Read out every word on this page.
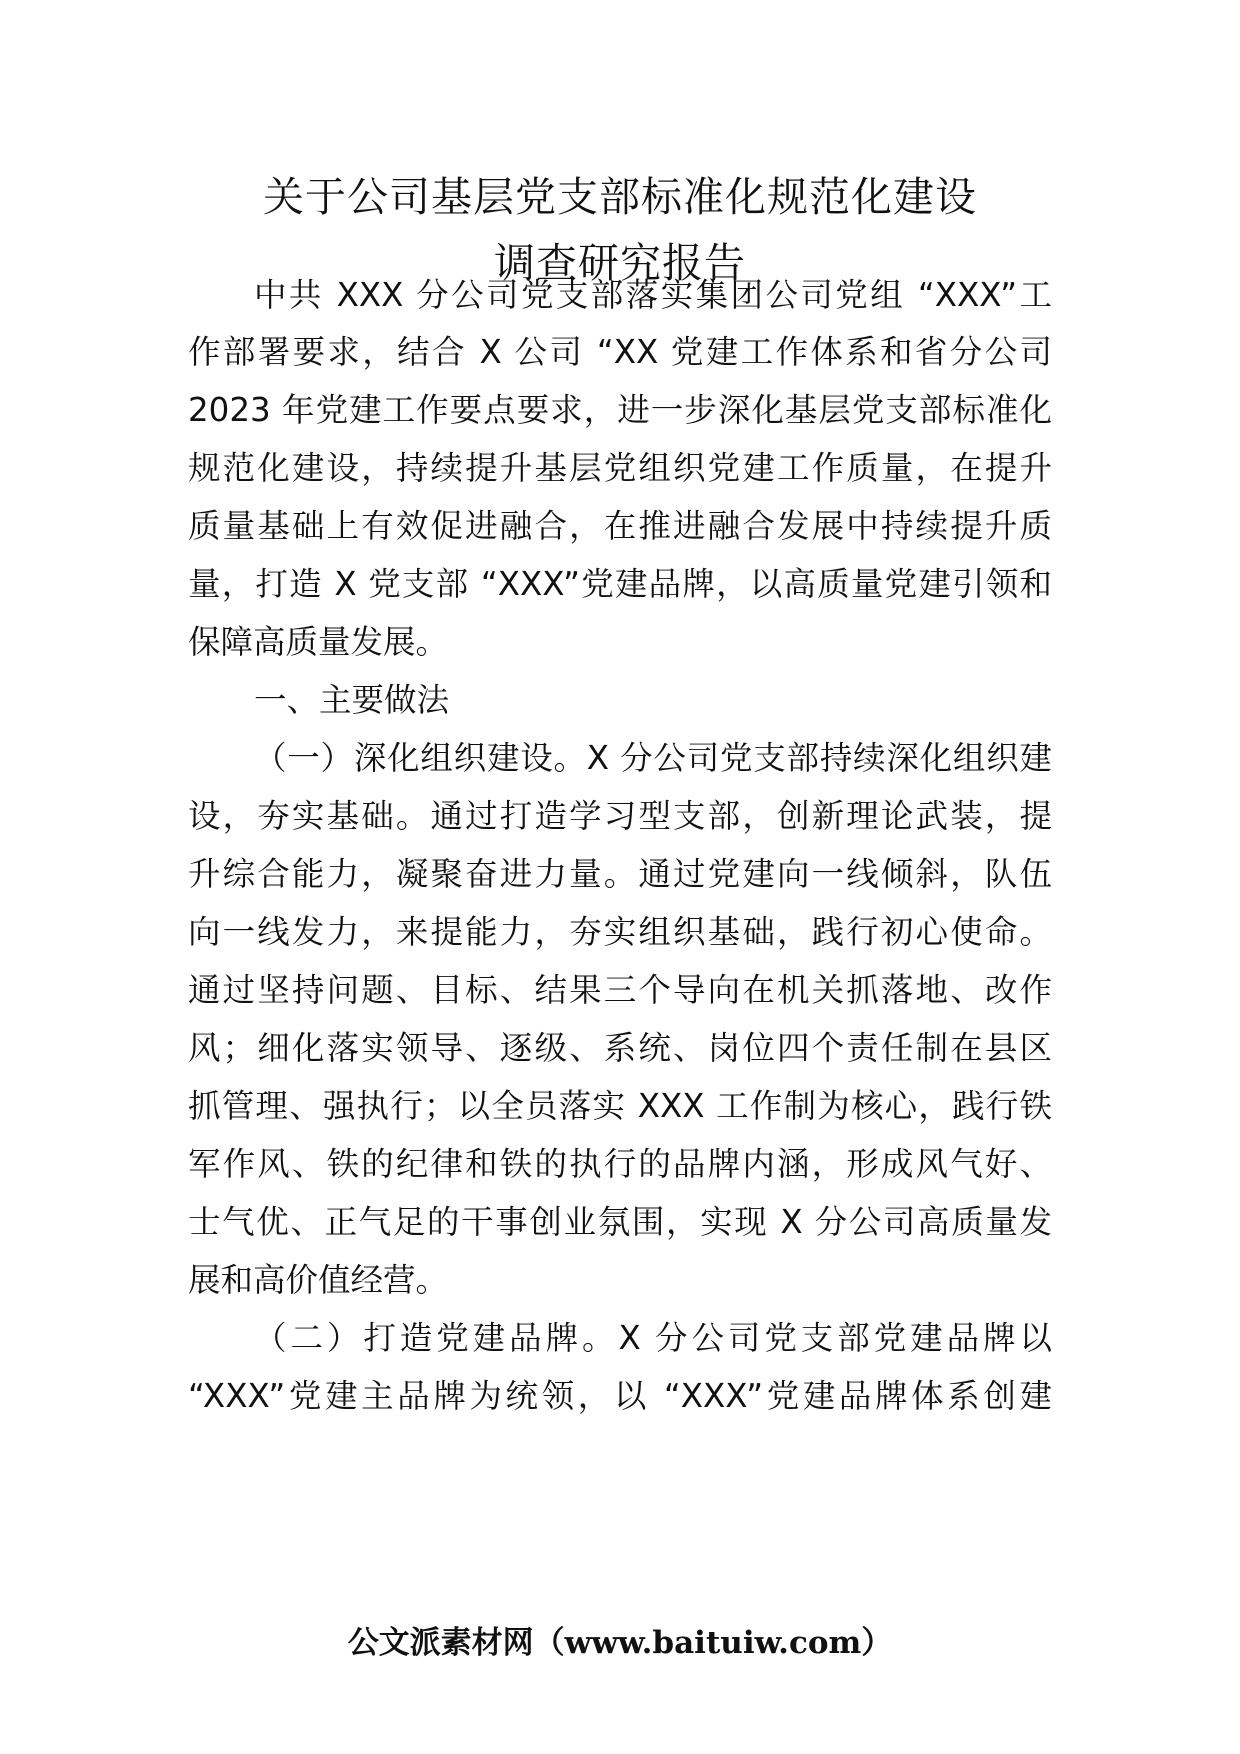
关于公司基层党支部标准化规范化建设
调查研究报告
中共 XXX 分公司党支部落实集团公司党组 “XXX”工
作部署要求，结合 X 公司 “XX 党建工作体系和省分公司
2023 年党建工作要点要求，进一步深化基层党支部标准化
规范化建设，持续提升基层党组织党建工作质量，在提升
质量基础上有效促进融合，在推进融合发展中持续提升质
量，打造 X 党支部 “XXX”党建品牌，以高质量党建引领和
保障高质量发展。
一、主要做法
（一）深化组织建设。X 分公司党支部持续深化组织建
设，夯实基础。通过打造学习型支部，创新理论武装，提
升综合能力，凝聚奋进力量。通过党建向一线倾斜，队伍
向一线发力，来提能力，夯实组织基础，践行初心使命。
通过坚持问题、目标、结果三个导向在机关抓落地、改作
风；细化落实领导、逐级、系统、岗位四个责任制在县区
抓管理、强执行；以全员落实 XXX 工作制为核心，践行铁
军作风、铁的纪律和铁的执行的品牌内涵，形成风气好、
士气优、正气足的干事创业氛围，实现 X 分公司高质量发
展和高价值经营。
（二）打造党建品牌。X 分公司党支部党建品牌以
“XXX”党建主品牌为统领，以 “XXX”党建品牌体系创建
公文派素材网（www.baituiw.com）
